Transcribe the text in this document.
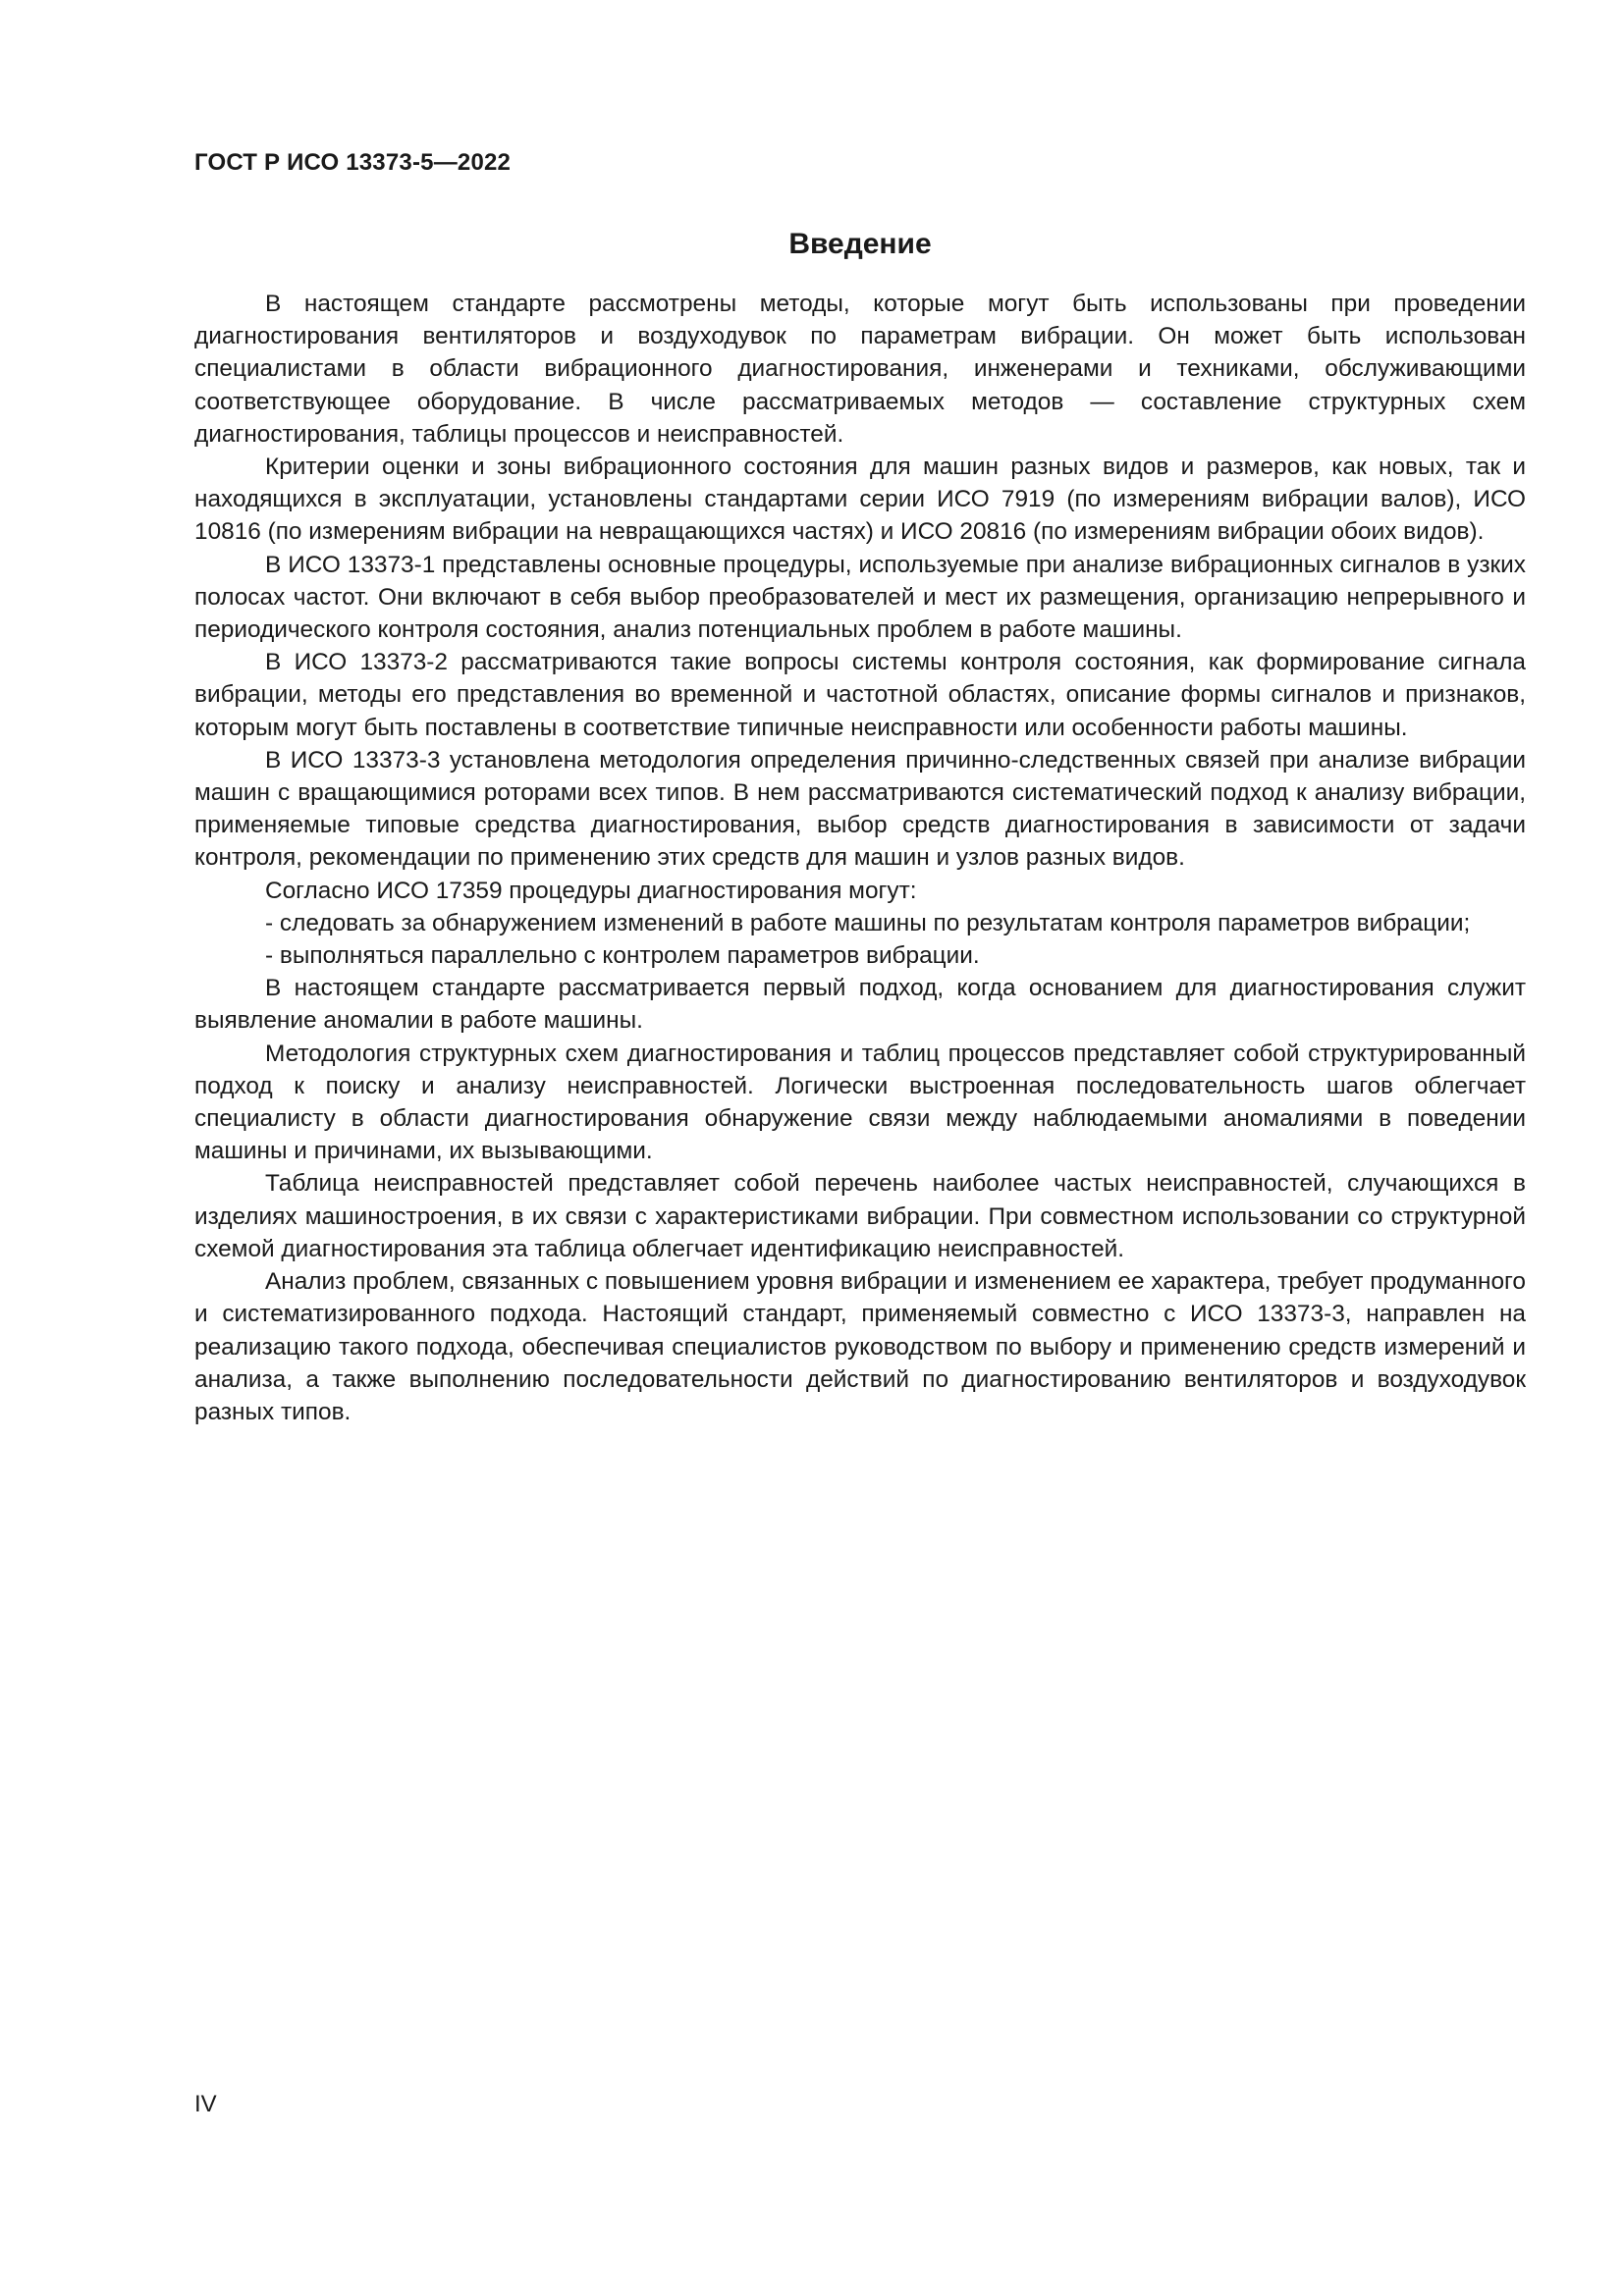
ГОСТ Р ИСО 13373-5—2022
Введение

В настоящем стандарте рассмотрены методы, которые могут быть использованы при проведении диагностирования вентиляторов и воздуходувок по параметрам вибрации. Он может быть использован специалистами в области вибрационного диагностирования, инженерами и техниками, обслуживающими соответствующее оборудование. В числе рассматриваемых методов — составление структурных схем диагностирования, таблицы процессов и неисправностей.

Критерии оценки и зоны вибрационного состояния для машин разных видов и размеров, как новых, так и находящихся в эксплуатации, установлены стандартами серии ИСО 7919 (по измерениям вибрации валов), ИСО 10816 (по измерениям вибрации на невращающихся частях) и ИСО 20816 (по измерениям вибрации обоих видов).

В ИСО 13373-1 представлены основные процедуры, используемые при анализе вибрационных сигналов в узких полосах частот. Они включают в себя выбор преобразователей и мест их размещения, организацию непрерывного и периодического контроля состояния, анализ потенциальных проблем в работе машины.

В ИСО 13373-2 рассматриваются такие вопросы системы контроля состояния, как формирование сигнала вибрации, методы его представления во временной и частотной областях, описание формы сигналов и признаков, которым могут быть поставлены в соответствие типичные неисправности или особенности работы машины.

В ИСО 13373-3 установлена методология определения причинно-следственных связей при анализе вибрации машин с вращающимися роторами всех типов. В нем рассматриваются систематический подход к анализу вибрации, применяемые типовые средства диагностирования, выбор средств диагностирования в зависимости от задачи контроля, рекомендации по применению этих средств для машин и узлов разных видов.

Согласно ИСО 17359 процедуры диагностирования могут:

- следовать за обнаружением изменений в работе машины по результатам контроля параметров вибрации;

- выполняться параллельно с контролем параметров вибрации.

В настоящем стандарте рассматривается первый подход, когда основанием для диагностирования служит выявление аномалии в работе машины.

Методология структурных схем диагностирования и таблиц процессов представляет собой структурированный подход к поиску и анализу неисправностей. Логически выстроенная последовательность шагов облегчает специалисту в области диагностирования обнаружение связи между наблюдаемыми аномалиями в поведении машины и причинами, их вызывающими.

Таблица неисправностей представляет собой перечень наиболее частых неисправностей, случающихся в изделиях машиностроения, в их связи с характеристиками вибрации. При совместном использовании со структурной схемой диагностирования эта таблица облегчает идентификацию неисправностей.

Анализ проблем, связанных с повышением уровня вибрации и изменением ее характера, требует продуманного и систематизированного подхода. Настоящий стандарт, применяемый совместно с ИСО 13373-3, направлен на реализацию такого подхода, обеспечивая специалистов руководством по выбору и применению средств измерений и анализа, а также выполнению последовательности действий по диагностированию вентиляторов и воздуходувок разных типов.

IV
